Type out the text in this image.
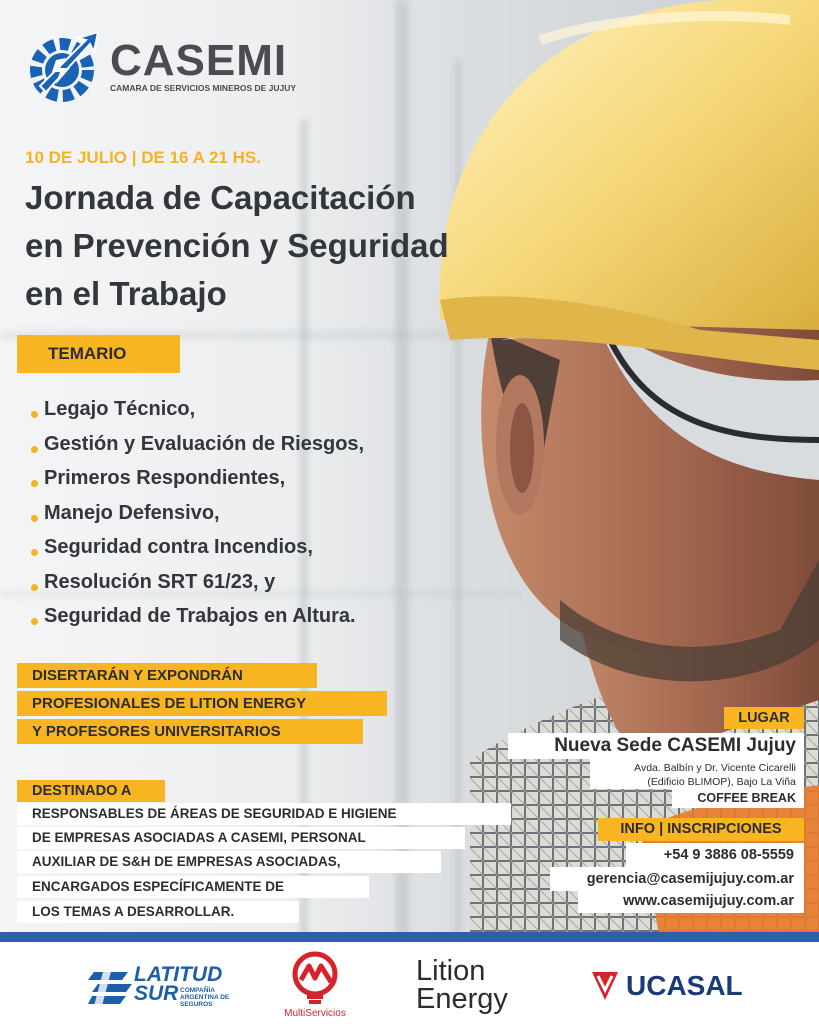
CASEMI
CAMARA DE SERVICIOS MINEROS DE JUJUY
10 DE JULIO | DE 16 A 21 HS.
Jornada de Capacitación
en Prevención y Seguridad
en el Trabajo
TEMARIO
Legajo Técnico,
Gestión y Evaluación de Riesgos,
Primeros Respondientes,
Manejo Defensivo,
Seguridad contra Incendios,
Resolución SRT 61/23, y
Seguridad de Trabajos en Altura.
DISERTARÁN Y EXPONDRÁN
PROFESIONALES DE LITION ENERGY
Y PROFESORES UNIVERSITARIOS
DESTINADO A
RESPONSABLES DE ÁREAS DE SEGURIDAD E HIGIENE
DE EMPRESAS ASOCIADAS A CASEMI, PERSONAL
AUXILIAR DE S&H DE EMPRESAS ASOCIADAS,
ENCARGADOS ESPECÍFICAMENTE DE
LOS TEMAS A DESARROLLAR.
LUGAR
Nueva Sede CASEMI Jujuy
Avda. Balbín y Dr. Vicente Cicarelli
(Edificio BLIMOP), Bajo La Viña
COFFEE BREAK
INFO | INSCRIPCIONES
+54 9 3886 08-5559
gerencia@casemijujuy.com.ar
www.casemijujuy.com.ar
LATITUD
SUR COMPAÑÍA ARGENTINA DE SEGUROS
MultiServicios
Lition
Energy	UCASAL
